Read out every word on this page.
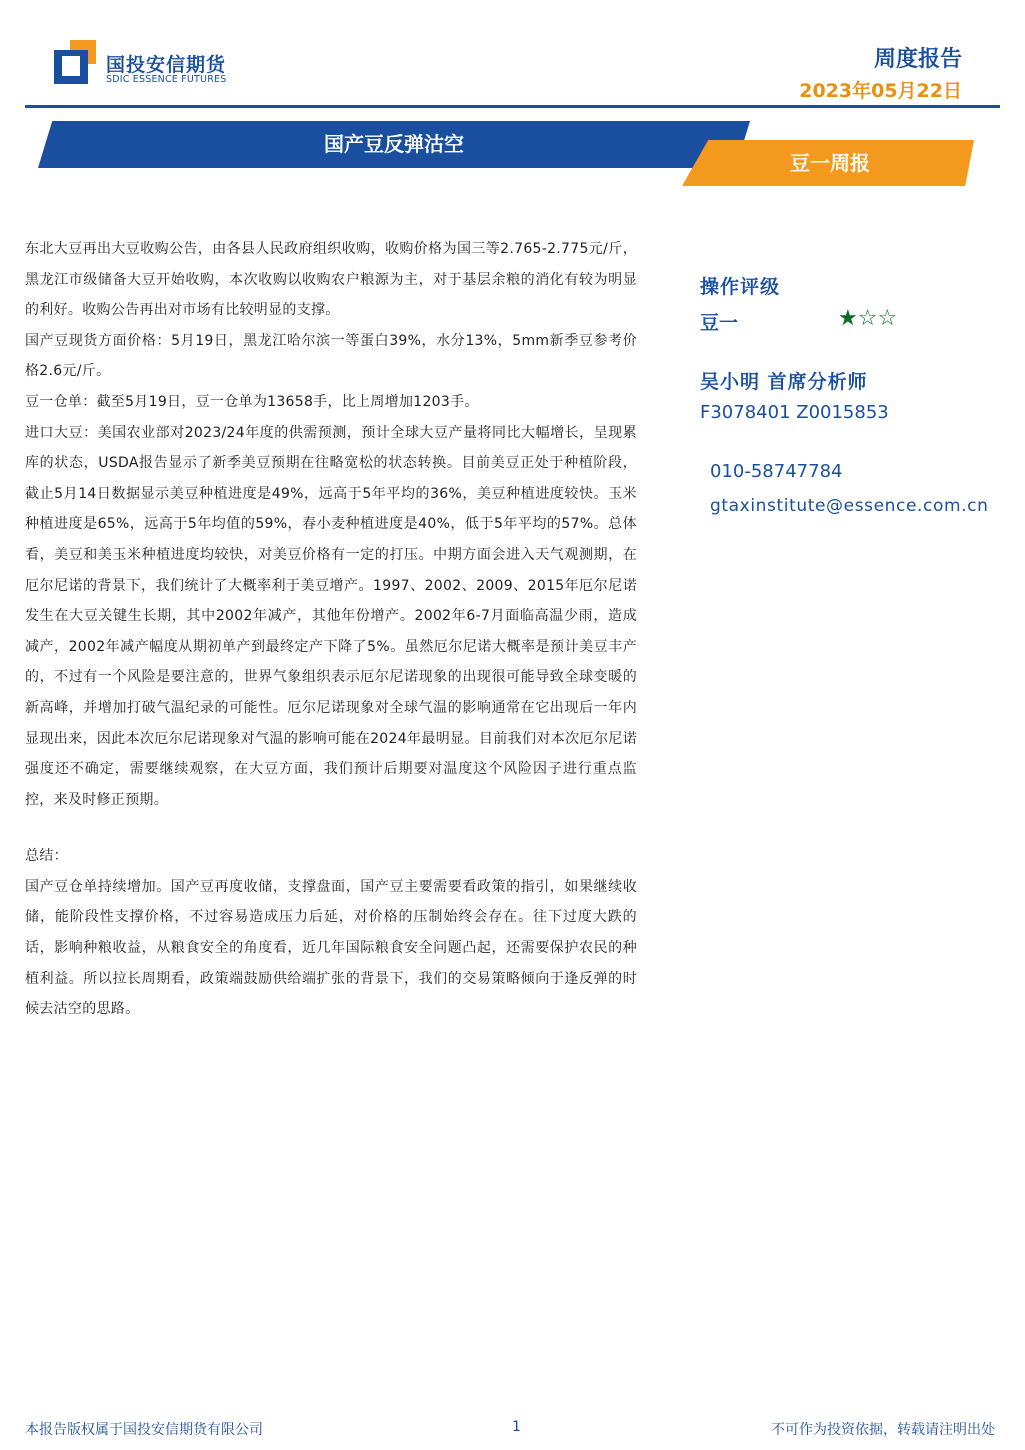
国投安信期货
SDIC ESSENCE FUTURES
周度报告
2023年05月22日
国产豆反弹沽空
豆一周报

东北大豆再出大豆收购公告，由各县人民政府组织收购，收购价格为国三等2.765-2.775元/斤，黑龙江市级储备大豆开始收购，本次收购以收购农户粮源为主，对于基层余粮的消化有较为明显的利好。收购公告再出对市场有比较明显的支撑。

国产豆现货方面价格：5月19日，黑龙江哈尔滨一等蛋白39%，水分13%，5mm新季豆参考价格2.6元/斤。

豆一仓单：截至5月19日，豆一仓单为13658手，比上周增加1203手。

进口大豆：美国农业部对2023/24年度的供需预测，预计全球大豆产量将同比大幅增长，呈现累库的状态，USDA报告显示了新季美豆预期在往略宽松的状态转换。目前美豆正处于种植阶段，截止5月14日数据显示美豆种植进度是49%，远高于5年平均的36%，美豆种植进度较快。玉米种植进度是65%，远高于5年均值的59%，春小麦种植进度是40%，低于5年平均的57%。总体看，美豆和美玉米种植进度均较快，对美豆价格有一定的打压。中期方面会进入天气观测期，在厄尔尼诺的背景下，我们统计了大概率利于美豆增产。1997、2002、2009、2015年厄尔尼诺发生在大豆关键生长期，其中2002年减产，其他年份增产。2002年6-7月面临高温少雨，造成减产，2002年减产幅度从期初单产到最终定产下降了5%。虽然厄尔尼诺大概率是预计美豆丰产的，不过有一个风险是要注意的，世界气象组织表示厄尔尼诺现象的出现很可能导致全球变暖的新高峰，并增加打破气温纪录的可能性。厄尔尼诺现象对全球气温的影响通常在它出现后一年内显现出来，因此本次厄尔尼诺现象对气温的影响可能在2024年最明显。目前我们对本次厄尔尼诺强度还不确定，需要继续观察，在大豆方面，我们预计后期要对温度这个风险因子进行重点监控，来及时修正预期。

总结：

国产豆仓单持续增加。国产豆再度收储，支撑盘面，国产豆主要需要看政策的指引，如果继续收储，能阶段性支撑价格，不过容易造成压力后延，对价格的压制始终会存在。往下过度大跌的话，影响种粮收益，从粮食安全的角度看，近几年国际粮食安全问题凸起，还需要保护农民的种植利益。所以拉长周期看，政策端鼓励供给端扩张的背景下，我们的交易策略倾向于逢反弹的时候去沽空的思路。

操作评级
豆一	★☆☆
吴小明 首席分析师
F3078401 Z0015853
010-58747784
gtaxinstitute@essence.com.cn
本报告版权属于国投安信期货有限公司	1	不可作为投资依据，转载请注明出处
